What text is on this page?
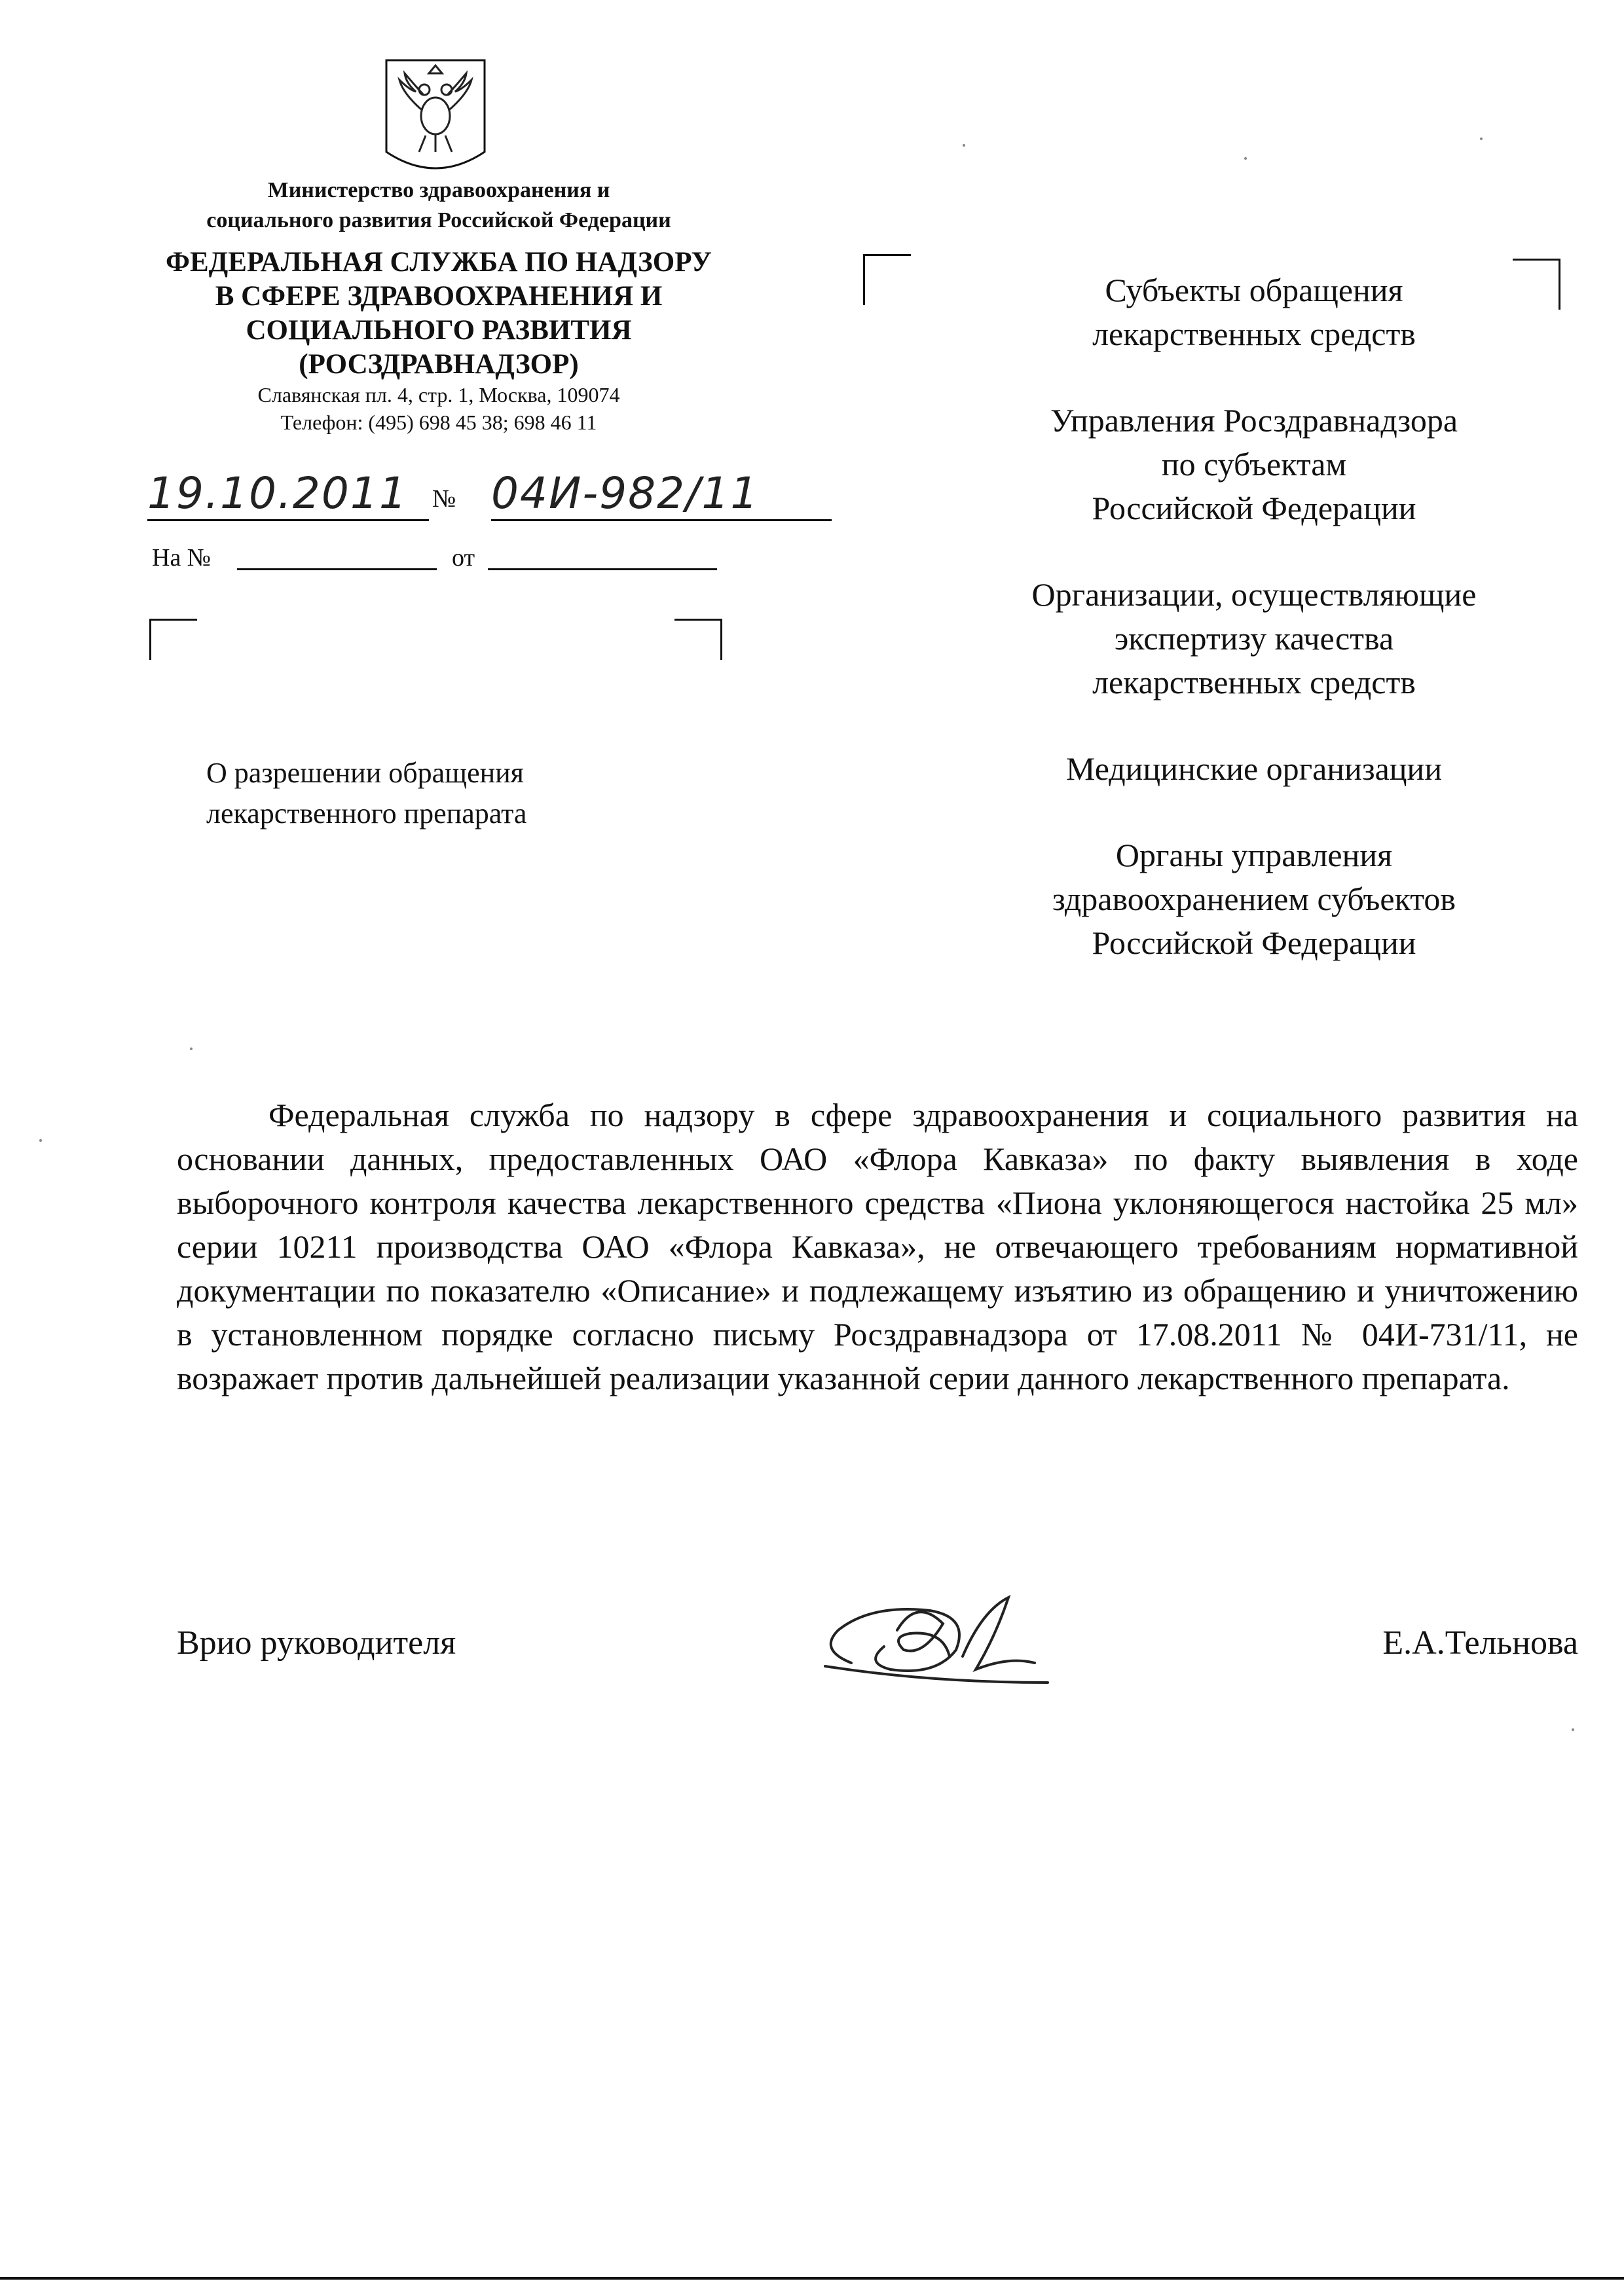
Министерство здравоохранения и
социального развития Российской Федерации
ФЕДЕРАЛЬНАЯ СЛУЖБА ПО НАДЗОРУ
В СФЕРЕ ЗДРАВООХРАНЕНИЯ И
СОЦИАЛЬНОГО РАЗВИТИЯ
(РОСЗДРАВНАДЗОР)
Славянская пл. 4, стр. 1, Москва, 109074
Телефон: (495) 698 45 38; 698 46 11
19.10.2011 № 04И-982/11
На №	от
О разрешении обращения
лекарственного препарата
Субъекты обращения
лекарственных средств
Управления Росздравнадзора
по субъектам
Российской Федерации
Организации, осуществляющие
экспертизу качества
лекарственных средств
Медицинские организации
Органы управления
здравоохранением субъектов
Российской Федерации
Федеральная служба по надзору в сфере здравоохранения и социального развития на основании данных, предоставленных ОАО «Флора Кавказа» по факту выявления в ходе выборочного контроля качества лекарственного средства «Пиона уклоняющегося настойка 25 мл» серии 10211 производства ОАО «Флора Кавказа», не отвечающего требованиям нормативной документации по показателю «Описание» и подлежащему изъятию из обращению и уничтожению в установленном порядке согласно письму Росздравнадзора от 17.08.2011 № 04И-731/11, не возражает против дальнейшей реализации указанной серии данного лекарственного препарата.
Врио руководителя	Е.А.Тельнова
